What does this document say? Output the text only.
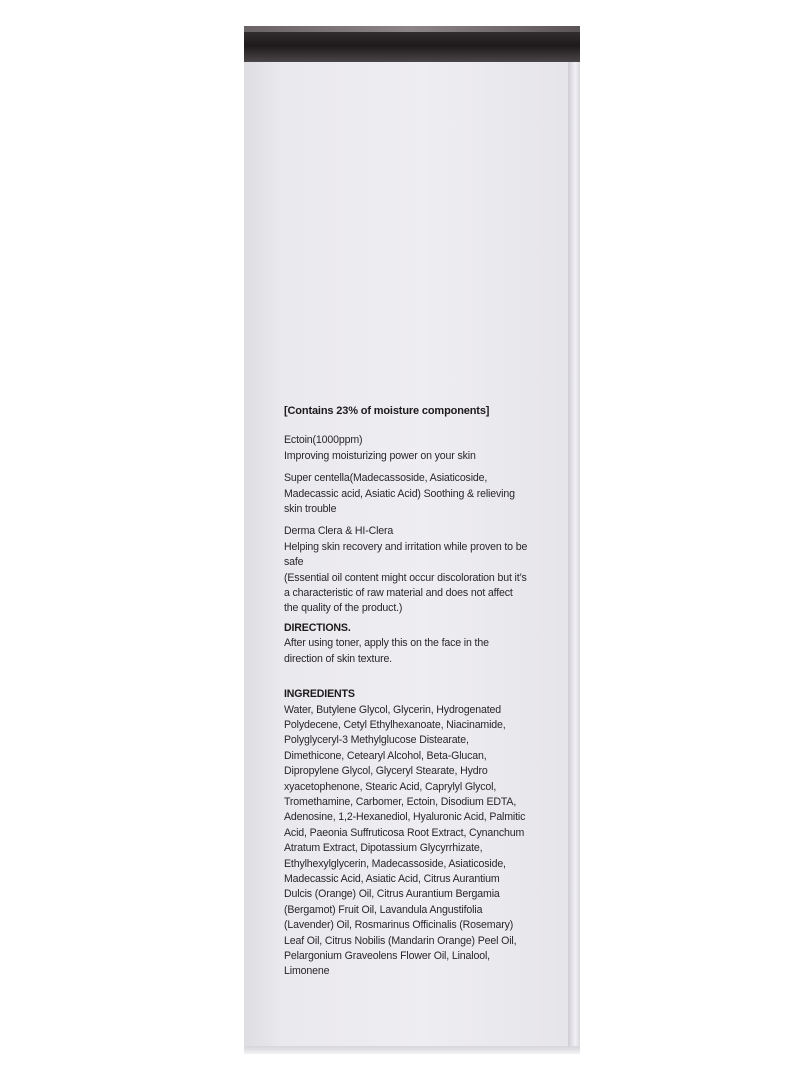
[Contains 23% of moisture components]

Ectoin(1000ppm)

Improving moisturizing power on your skin

Super centella(Madecassoside, Asiaticoside, Madecassic acid, Asiatic Acid) Soothing & relieving skin trouble

Derma Clera & HI-Clera

Helping skin recovery and irritation while proven to be safe

(Essential oil content might occur discoloration but it’s a characteristic of raw material and does not affect the quality of the product.)

DIRECTIONS.

After using toner, apply this on the face in the direction of skin texture.

INGREDIENTS

Water, Butylene Glycol, Glycerin, Hydrogenated Polydecene, Cetyl Ethylhexanoate, Niacinamide, Polyglyceryl-3 Methylglucose Distearate, Dimethicone, Cetearyl Alcohol, Beta-Glucan, Dipropylene Glycol, Glyceryl Stearate, Hydro xyacetophenone, Stearic Acid, Caprylyl Glycol, Tromethamine, Carbomer, Ectoin, Disodium EDTA, Adenosine, 1,2-Hexanediol, Hyaluronic Acid, Palmitic Acid, Paeonia Suffruticosa Root Extract, Cynanchum Atratum Extract, Dipotassium Glycyrrhizate, Ethylhexylglycerin, Madecassoside, Asiaticoside, Madecassic Acid, Asiatic Acid, Citrus Aurantium Dulcis (Orange) Oil, Citrus Aurantium Bergamia (Bergamot) Fruit Oil, Lavandula Angustifolia (Lavender) Oil, Rosmarinus Officinalis (Rosemary) Leaf Oil, Citrus Nobilis (Mandarin Orange) Peel Oil, Pelargonium Graveolens Flower Oil, Linalool, Limonene
